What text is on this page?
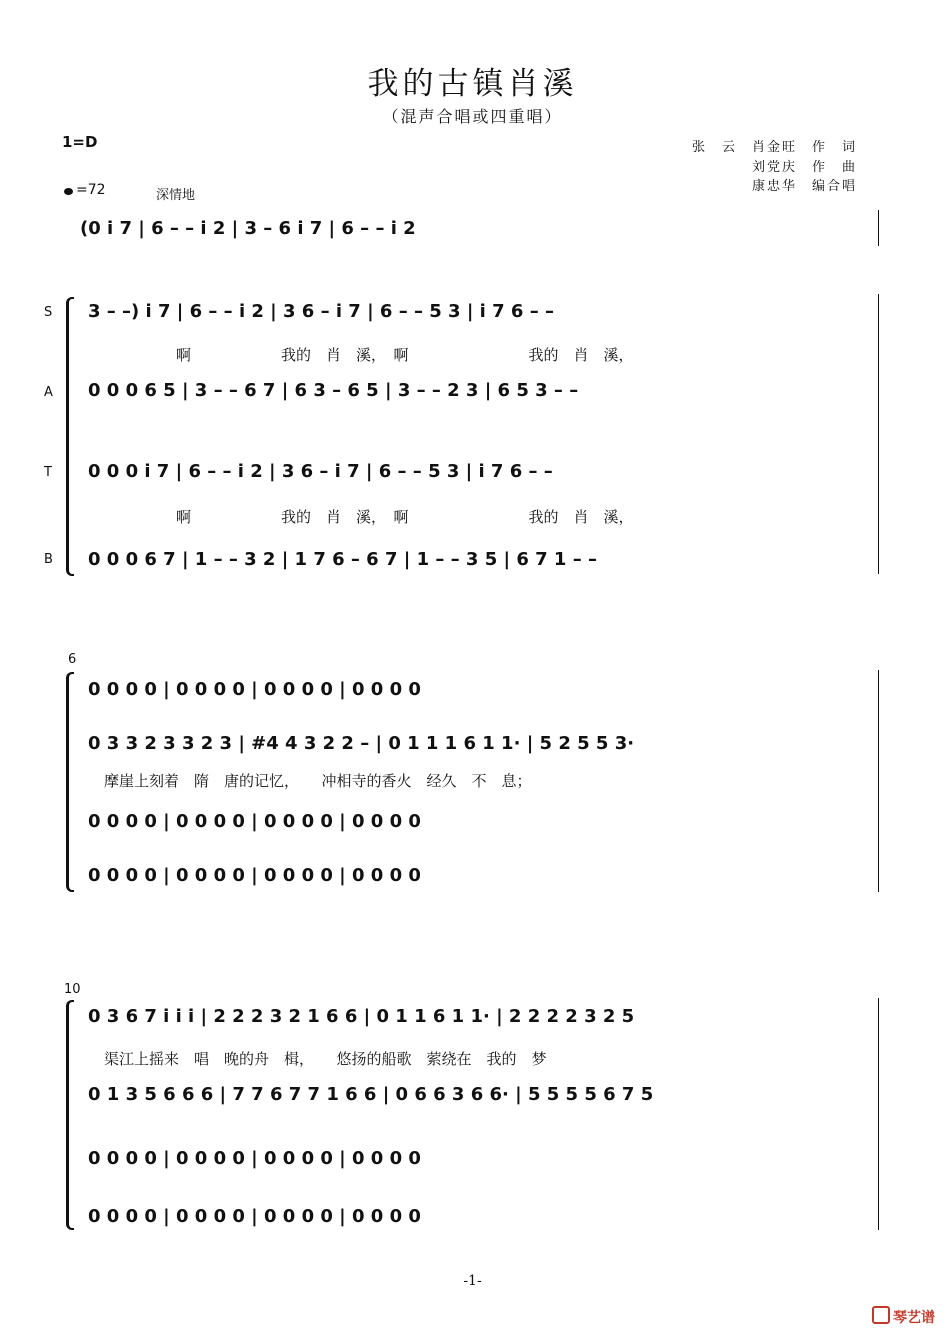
我的古镇肖溪
（混声合唱或四重唱）
1=D
=72	深情地
张　云　肖金旺　作　词
刘党庆　作　曲
康忠华　编合唱
(0 i 7 | 6 – – i 2 | 3 – 6 i 7 | 6 – – i 2
S
A
T
B
3 – –) i 7 | 6 – – i 2 | 3 6 – i 7 | 6 – – 5 3 | i 7 6 – –
啊　　　　　　我的　肖　溪，　啊　　　　　　　　我的　肖　溪，
0 0 0 6 5 | 3 – – 6 7 | 6 3 – 6 5 | 3 – – 2 3 | 6 5 3 – –
0 0 0 i 7 | 6 – – i 2 | 3 6 – i 7 | 6 – – 5 3 | i 7 6 – –
啊　　　　　　我的　肖　溪，　啊　　　　　　　　我的　肖　溪，
0 0 0 6 7 | 1 – – 3 2 | 1 7 6 – 6 7 | 1 – – 3 5 | 6 7 1 – –
6
0 0 0 0 | 0 0 0 0 | 0 0 0 0 | 0 0 0 0
0 3 3 2 3 3 2 3 | #4 4 3 2 2 – | 0 1 1 1 6 1 1· | 5 2 5 5 3·
摩崖上刻着　隋　唐的记忆，　　冲相寺的香火　经久　不　息；
0 0 0 0 | 0 0 0 0 | 0 0 0 0 | 0 0 0 0
0 0 0 0 | 0 0 0 0 | 0 0 0 0 | 0 0 0 0
10
0 3 6 7 i i i | 2 2 2 3 2 1 6 6 | 0 1 1 6 1 1· | 2 2 2 2 3 2 5
渠江上摇来　唱　晚的舟　楫，　　悠扬的船歌　萦绕在　我的　梦
0 1 3 5 6 6 6 | 7 7 6 7 7 1 6 6 | 0 6 6 3 6 6· | 5 5 5 5 6 7 5
0 0 0 0 | 0 0 0 0 | 0 0 0 0 | 0 0 0 0
0 0 0 0 | 0 0 0 0 | 0 0 0 0 | 0 0 0 0
-1-
琴艺谱
